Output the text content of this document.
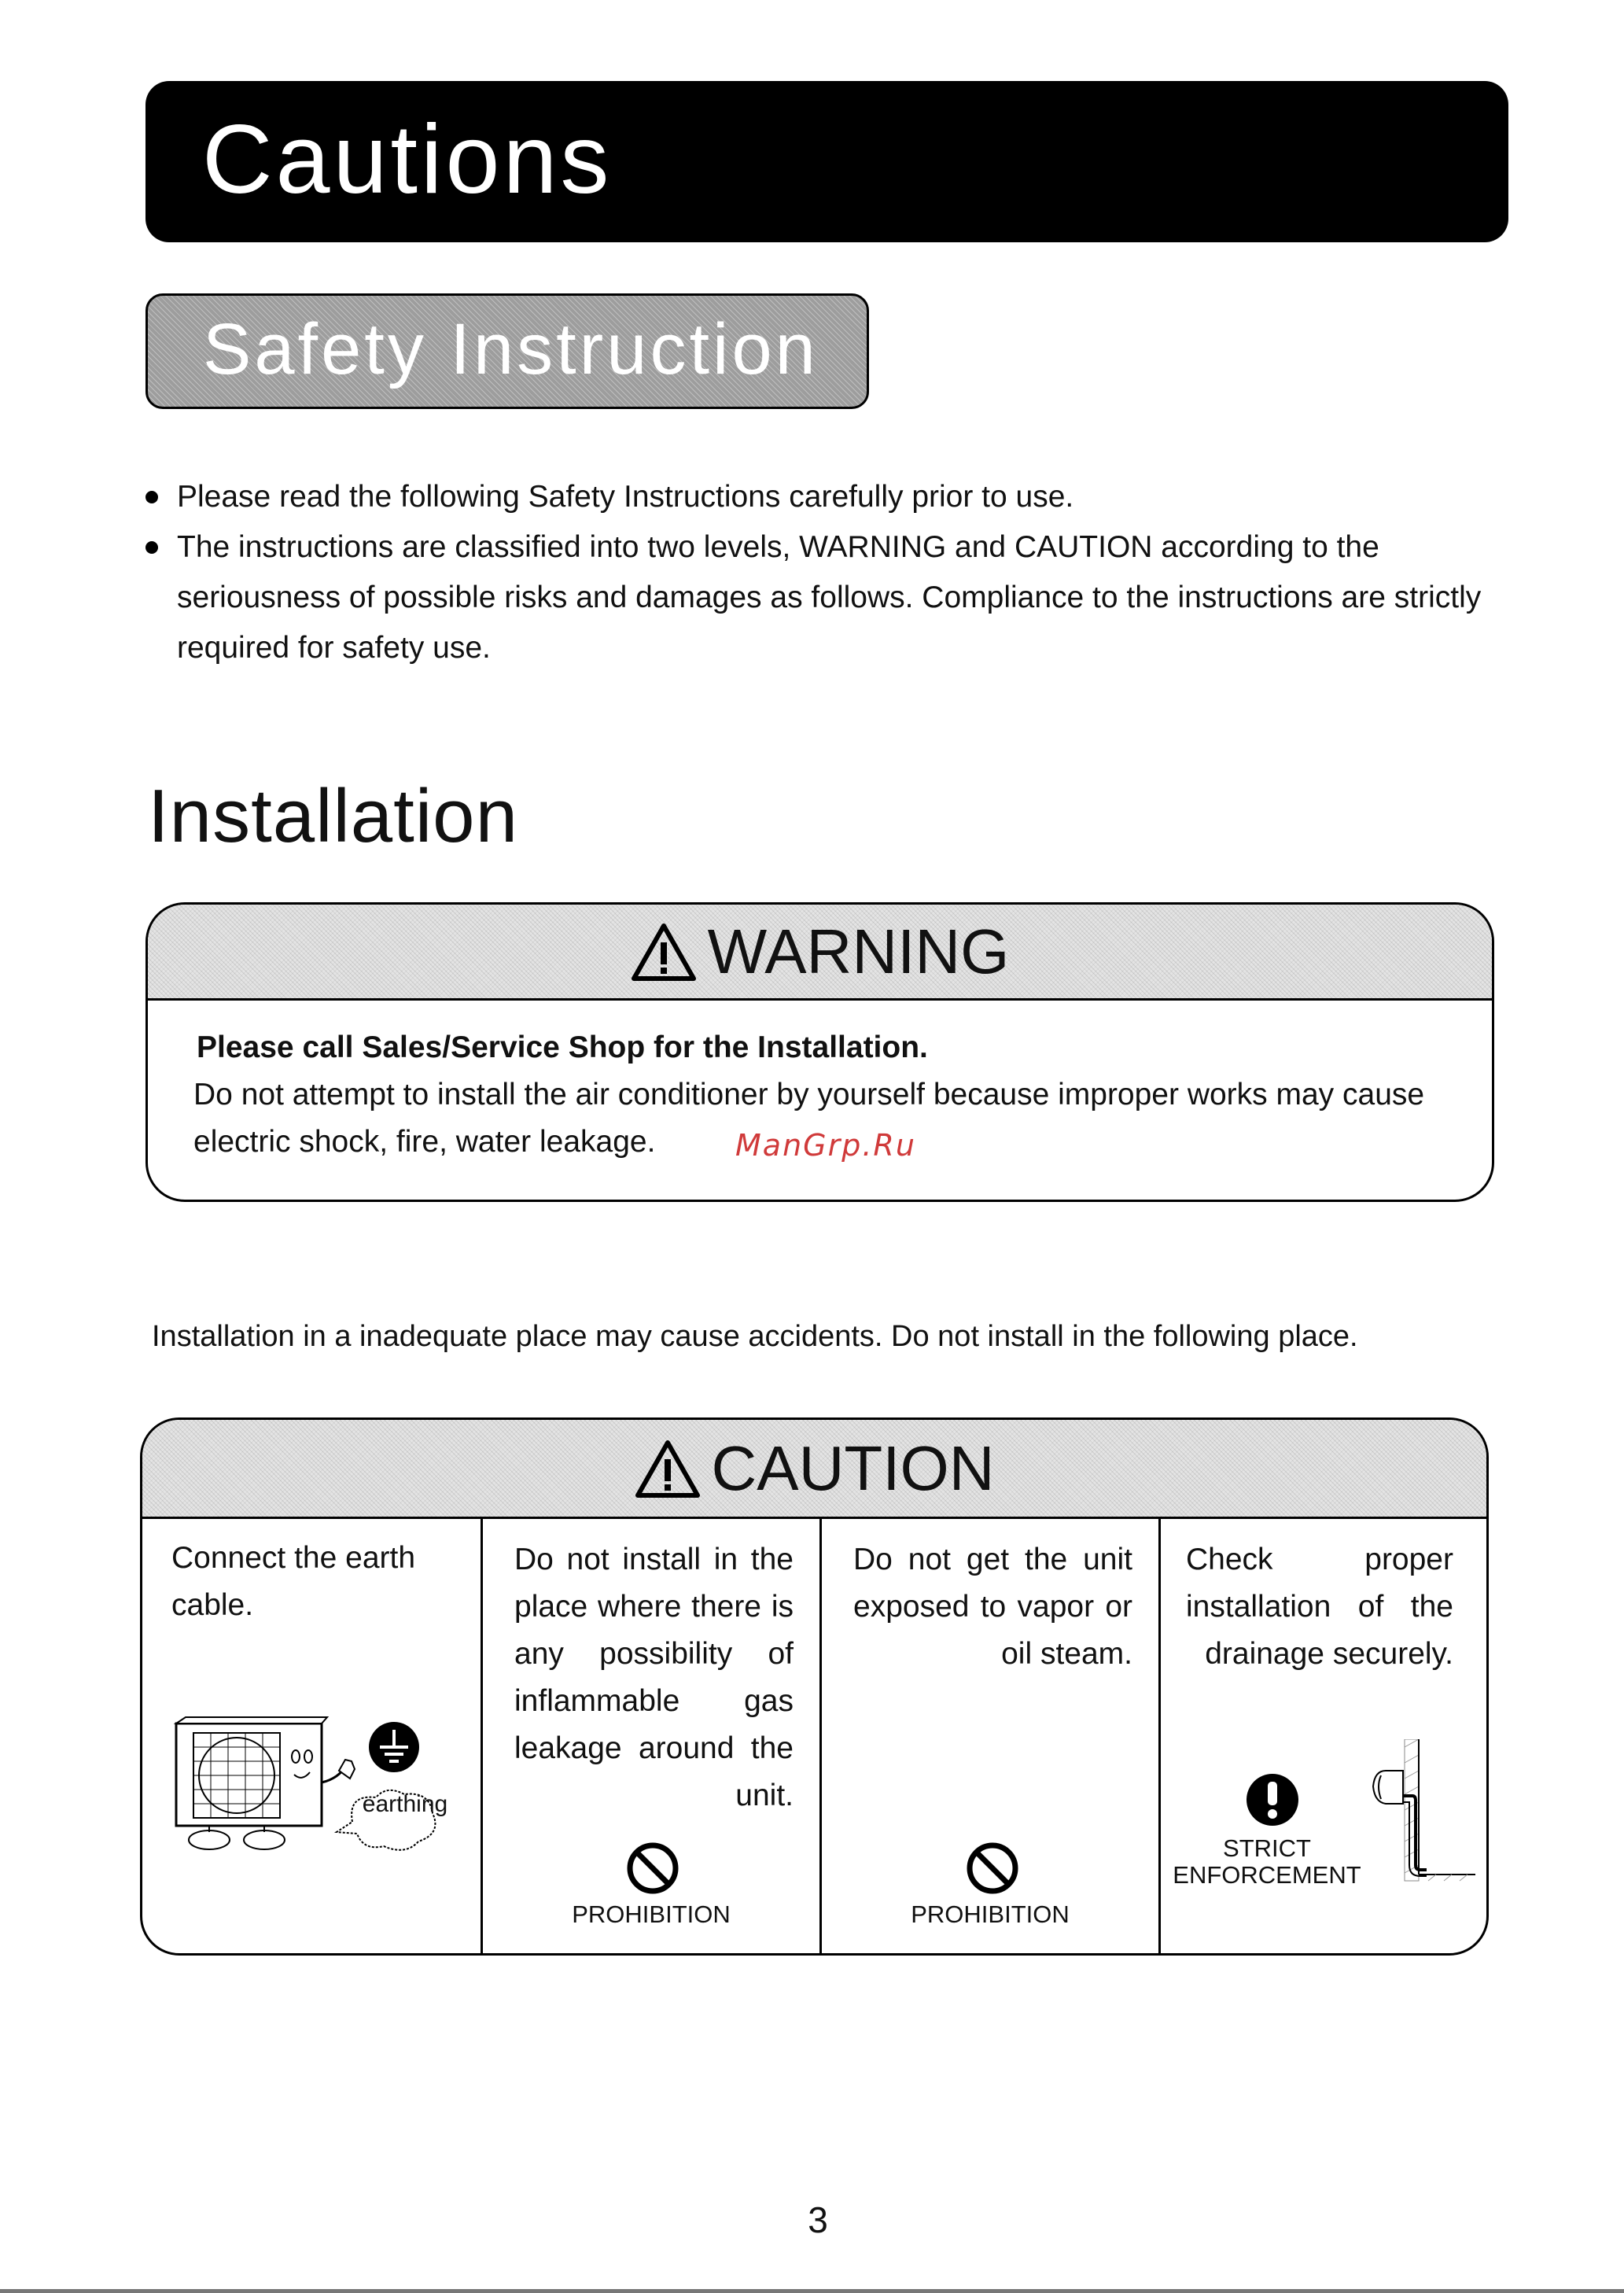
Cautions
Safety Instruction
Please read the following Safety Instructions carefully prior to use.
The instructions are classified into two levels, WARNING and CAUTION according to the seriousness of possible risks and damages as follows. Compliance to the instructions are strictly required for safety use.
Installation
WARNING
Please call Sales/Service Shop for the Installation.
Do not attempt to install the air conditioner by yourself because improper works may cause electric shock, fire, water leakage.	ManGrp.Ru
Installation in a inadequate place may cause accidents. Do not install in the following place.
CAUTION
Connect the earth cable.
earthing
Do not install in the place where there is any possibility of inflammable gas leakage around the unit.
PROHIBITION
Do not get the unit exposed to vapor or oil steam.
PROHIBITION
Check proper installation of the drainage securely.
STRICT
ENFORCEMENT
3
